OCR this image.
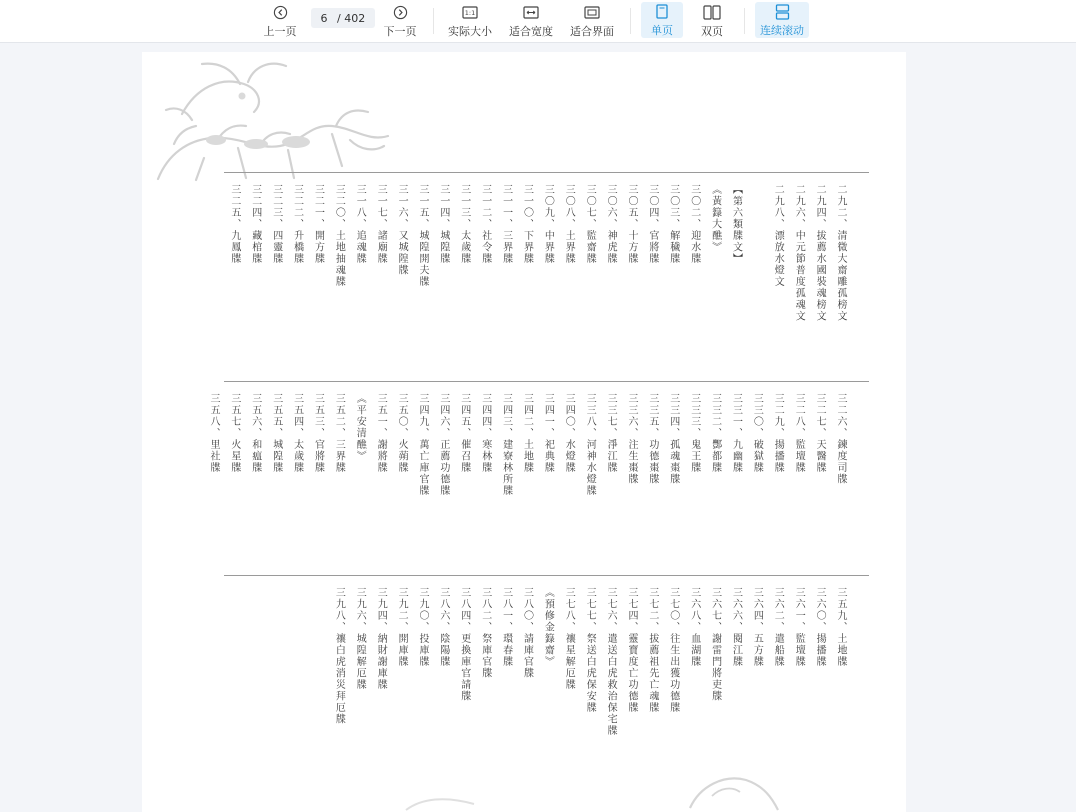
上一页
6 / 402
下一页
1:1
实际大小 适合宽度 适合界面	单页	双页	连续滚动
二九二、清微大齋雕孤榜文
二九四、拔薦水國裝魂榜文
二九六、中元節普度孤魂文
二九八、漂放水燈文
【第六類牒文】
《黃籙大醮》
三〇二、迎水牒
三〇三、解穢牒
三〇四、官將牒
三〇五、十方牒
三〇六、神虎牒
三〇七、監齋牒
三〇八、土界牒
三〇九、中界牒
三一〇、下界牒
三一一、三界牒
三一二、社令牒
三一三、太歲牒
三一四、城隍牒
三一五、城隍開夫牒
三一六、又城隍牒
三一七、諸廟牒
三一八、追魂牒
三二〇、土地抽魂牒
三二一、開方牒
三二二、升橋牒
三二三、四靈牒
三二四、藏棺牒
三二五、九鳳牒
三二六、鍊度司牒
三二七、天醫牒
三二八、監壇牒
三二九、揚播牒
三三〇、破獄牒
三三一、九幽牒
三三二、酆都牒
三三三、鬼王牒
三三四、孤魂棗牒
三三五、功德棗牒
三三六、注生棗牒
三三七、淨江牒
三三八、河神水燈牒
三四〇、水燈牒
三四一、祀典牒
三四二、土地牒
三四三、建寮林所牒
三四四、寒林牒
三四五、催召牒
三四六、正薦功德牒
三四九、萬亡庫官牒
三五〇、火蒴牒
三五一、謝將牒
《平安清醮》
三五二、三界牒
三五三、官將牒
三五四、太歲牒
三五五、城隍牒
三五六、和瘟牒
三五七、火星牒
三五八、里社牒
三五九、土地牒
三六〇、揚播牒
三六一、監壇牒
三六二、遣船牒
三六四、五方牒
三六六、閱江牒
三六七、謝雷門將吏牒
三六八、血湖牒
三七〇、往生出獲功德牒
三七二、拔薦祖先亡魂牒
三七四、靈寶度亡功德牒
三七六、遣送白虎救治保宅牒
三七七、祭送白虎保安牒
三七八、禳星解厄牒
《預修金籙齋》
三八〇、請庫官牒
三八一、環春牒
三八二、祭庫官牒
三八四、更換庫官請牒
三八六、陰陽牒
三九〇、投庫牒
三九二、開庫牒
三九四、納財謝庫牒
三九六、城隍解厄牒
三九八、禳白虎消災拜厄牒
